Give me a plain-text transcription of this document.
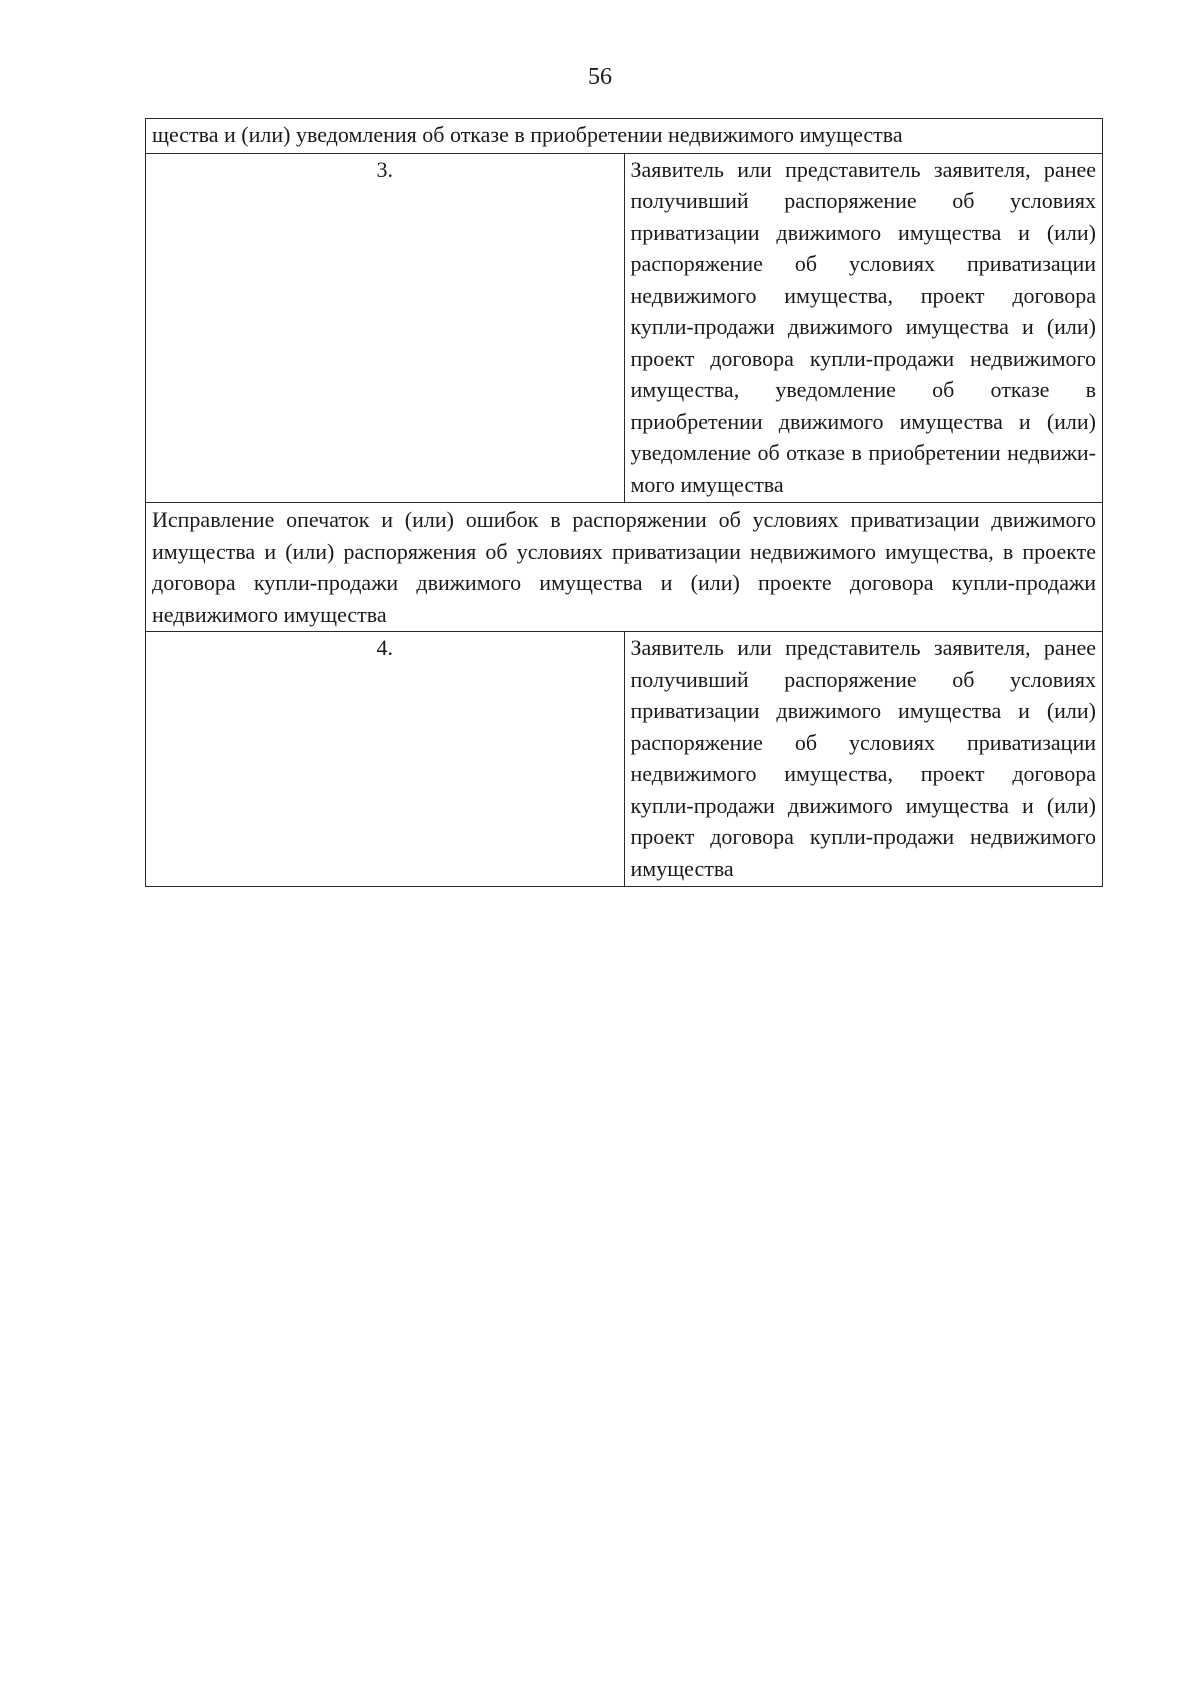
56
щества и (или) уведомления об отказе в приобретении недвижимого имущества	
3.	Заявитель или представитель заявителя, ранее получивший распоряжение об условиях приватизации движимого имущества и (или) распоряжение об условиях приватизации недвижимого имущества, проект договора купли-продажи движимого имущества и (или) проект договора купли-продажи недвижимого имущества, уведомление об отказе в приобретении движимого имущества и (или) уведомление об отказе в приобретении недвижимого имущества
Исправление опечаток и (или) ошибок в распоряжении об условиях приватизации движимого имущества и (или) распоряжения об условиях приватизации недвижимого имущества, в проекте договора купли-продажи движимого имущества и (или) проекте договора купли-продажи недвижимого имущества	
4.	Заявитель или представитель заявителя, ранее получивший распоряжение об условиях приватизации движимого имущества и (или) распоряжение об условиях приватизации недвижимого имущества, проект договора купли-продажи движимого имущества и (или) проект договора купли-продажи недвижимого имущества
